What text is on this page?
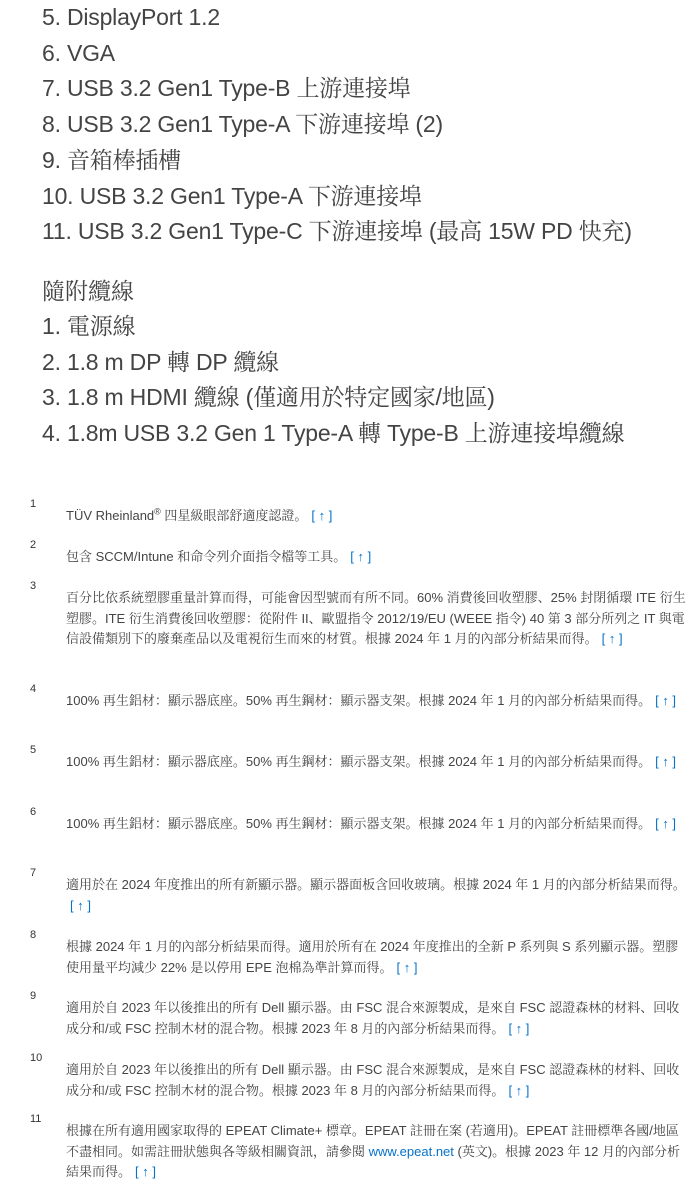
5. DisplayPort 1.2
6. VGA
7. USB 3.2 Gen1 Type-B 上游連接埠
8. USB 3.2 Gen1 Type-A 下游連接埠 (2)
9. 音箱棒插槽
10. USB 3.2 Gen1 Type-A 下游連接埠
11. USB 3.2 Gen1 Type-C 下游連接埠 (最高 15W PD 快充)
隨附纜線
1. 電源線
2. 1.8 m DP 轉 DP 纜線
3. 1.8 m HDMI 纜線 (僅適用於特定國家/地區)
4. 1.8m USB 3.2 Gen 1 Type-A 轉 Type-B 上游連接埠纜線
1
TÜV Rheinland® 四星級眼部舒適度認證。 [ ↑ ]
2
包含 SCCM/Intune 和命令列介面指令檔等工具。 [ ↑ ]
3
百分比依系統塑膠重量計算而得，可能會因型號而有所不同。60% 消費後回收塑膠、25% 封閉循環 ITE 衍生塑膠。ITE 衍生消費後回收塑膠：從附件 II、歐盟指令 2012/19/EU (WEEE 指令) 40 第 3 部分所列之 IT 與電信設備類別下的廢棄產品以及電視衍生而來的材質。根據 2024 年 1 月的內部分析結果而得。 [ ↑ ]
4
100% 再生鋁材：顯示器底座。50% 再生鋼材：顯示器支架。根據 2024 年 1 月的內部分析結果而得。 [ ↑ ]
5
100% 再生鋁材：顯示器底座。50% 再生鋼材：顯示器支架。根據 2024 年 1 月的內部分析結果而得。 [ ↑ ]
6
100% 再生鋁材：顯示器底座。50% 再生鋼材：顯示器支架。根據 2024 年 1 月的內部分析結果而得。 [ ↑ ]
7
適用於在 2024 年度推出的所有新顯示器。顯示器面板含回收玻璃。根據 2024 年 1 月的內部分析結果而得。[ ↑ ]
8
根據 2024 年 1 月的內部分析結果而得。適用於所有在 2024 年度推出的全新 P 系列與 S 系列顯示器。塑膠使用量平均減少 22% 是以停用 EPE 泡棉為準計算而得。 [ ↑ ]
9
適用於自 2023 年以後推出的所有 Dell 顯示器。由 FSC 混合來源製成，是來自 FSC 認證森林的材料、回收成分和/或 FSC 控制木材的混合物。根據 2023 年 8 月的內部分析結果而得。 [ ↑ ]
10
適用於自 2023 年以後推出的所有 Dell 顯示器。由 FSC 混合來源製成，是來自 FSC 認證森林的材料、回收成分和/或 FSC 控制木材的混合物。根據 2023 年 8 月的內部分析結果而得。 [ ↑ ]
11
根據在所有適用國家取得的 EPEAT Climate+ 標章。EPEAT 註冊在案 (若適用)。EPEAT 註冊標準各國/地區不盡相同。如需註冊狀態與各等級相關資訊，請參閱 www.epeat.net (英文)。根據 2023 年 12 月的內部分析結果而得。 [ ↑ ]
